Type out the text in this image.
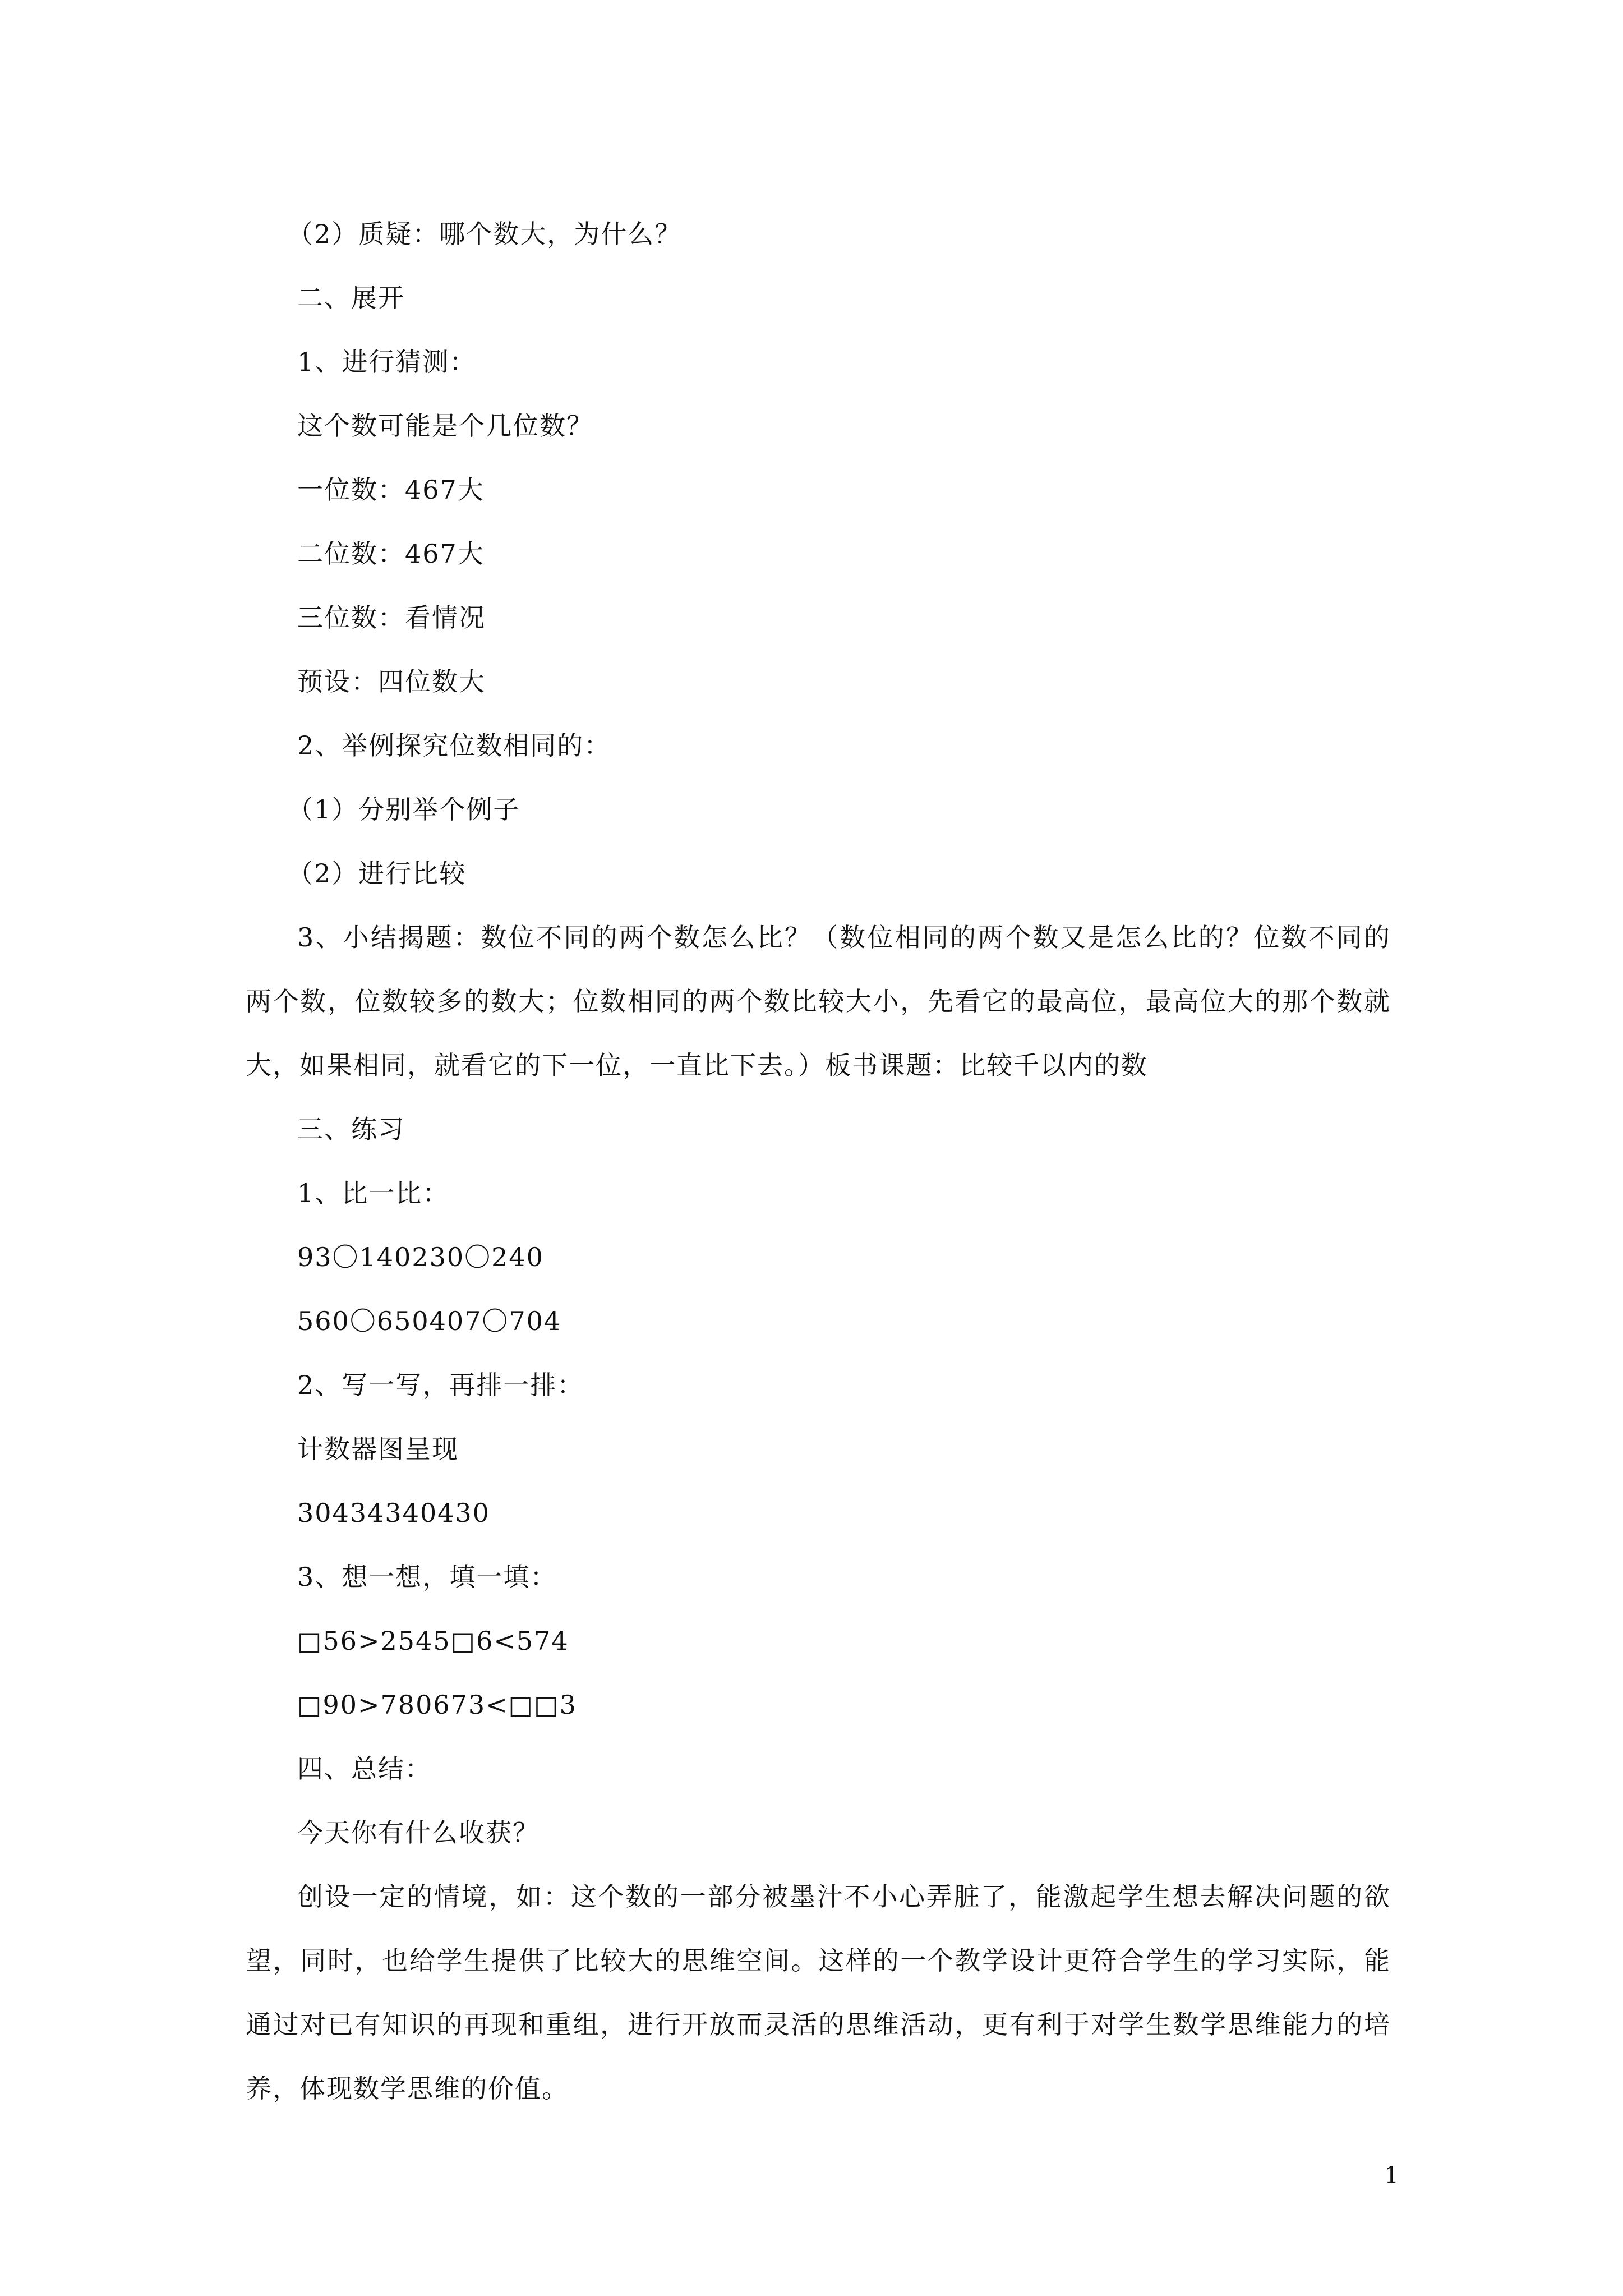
（2）质疑：哪个数大，为什么？
二、展开
1、进行猜测：
这个数可能是个几位数？
一位数：467大
二位数：467大
三位数：看情况
预设：四位数大
2、举例探究位数相同的：
（1）分别举个例子
（2）进行比较
3、小结揭题：数位不同的两个数怎么比？（数位相同的两个数又是怎么比的？位数不同的两个数，位数较多的数大；位数相同的两个数比较大小，先看它的最高位，最高位大的那个数就大，如果相同，就看它的下一位，一直比下去。）板书课题：比较千以内的数
三、练习
1、比一比：
93〇140230〇240
560〇650407〇704
2、写一写，再排一排：
计数器图呈现
30434340430
3、想一想，填一填：
□56>2545□6<574
□90>780673<□□3
四、总结：
今天你有什么收获？
创设一定的情境，如：这个数的一部分被墨汁不小心弄脏了，能激起学生想去解决问题的欲望，同时，也给学生提供了比较大的思维空间。这样的一个教学设计更符合学生的学习实际，能通过对已有知识的再现和重组，进行开放而灵活的思维活动，更有利于对学生数学思维能力的培养，体现数学思维的价值。
1
